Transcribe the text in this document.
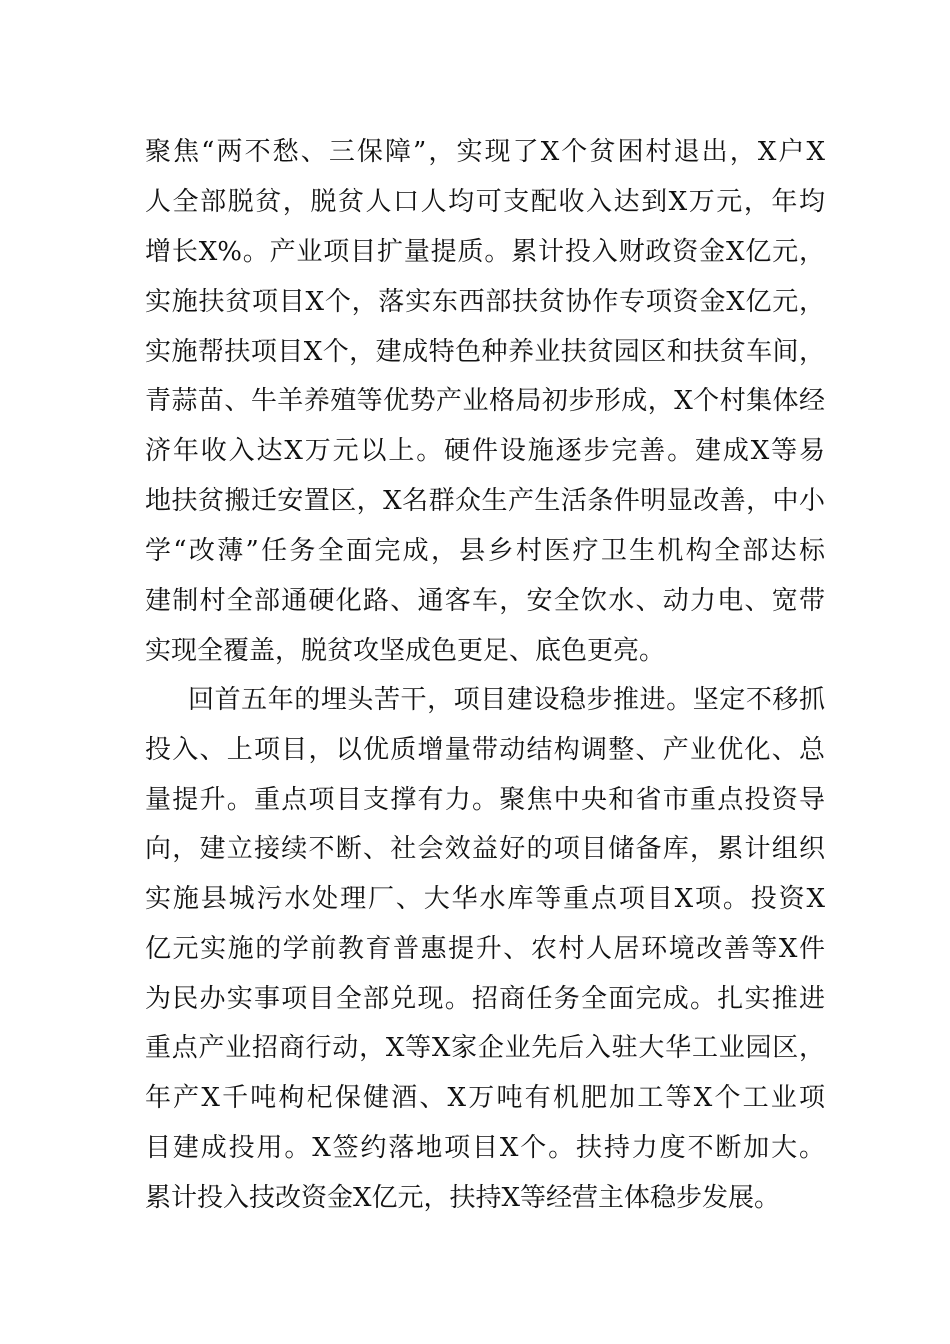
聚焦“两不愁、三保障”，实现了X个贫困村退出，X户X

人全部脱贫，脱贫人口人均可支配收入达到X万元，年均

增长X%。产业项目扩量提质。累计投入财政资金X亿元，

实施扶贫项目X个，落实东西部扶贫协作专项资金X亿元，

实施帮扶项目X个，建成特色种养业扶贫园区和扶贫车间，

青蒜苗、牛羊养殖等优势产业格局初步形成，X个村集体经

济年收入达X万元以上。硬件设施逐步完善。建成X等易

地扶贫搬迁安置区，X名群众生产生活条件明显改善，中小

学“改薄”任务全面完成，县乡村医疗卫生机构全部达标

建制村全部通硬化路、通客车，安全饮水、动力电、宽带

实现全覆盖，脱贫攻坚成色更足、底色更亮。

回首五年的埋头苦干，项目建设稳步推进。坚定不移抓

投入、上项目，以优质增量带动结构调整、产业优化、总

量提升。重点项目支撑有力。聚焦中央和省市重点投资导

向，建立接续不断、社会效益好的项目储备库，累计组织

实施县城污水处理厂、大华水库等重点项目X项。投资X

亿元实施的学前教育普惠提升、农村人居环境改善等X件

为民办实事项目全部兑现。招商任务全面完成。扎实推进

重点产业招商行动，X等X家企业先后入驻大华工业园区，

年产X千吨枸杞保健酒、X万吨有机肥加工等X个工业项

目建成投用。X签约落地项目X个。扶持力度不断加大。

累计投入技改资金X亿元，扶持X等经营主体稳步发展。
